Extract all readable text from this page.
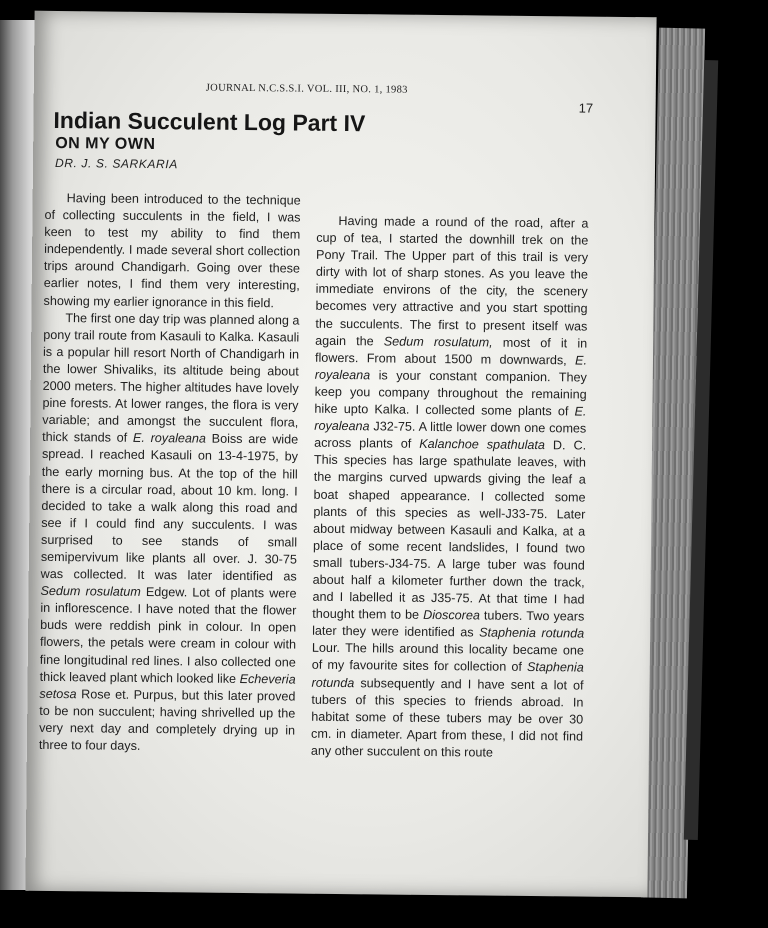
JOURNAL N.C.S.S.I. VOL. III, NO. 1, 1983
17
Indian Succulent Log Part IV
ON MY OWN
DR. J. S. SARKARIA

Having been introduced to the technique of collecting succulents in the field, I was keen to test my ability to find them independently. I made several short collection trips around Chandigarh. Going over these earlier notes, I find them very interesting, showing my earlier ignorance in this field.

The first one day trip was planned along a pony trail route from Kasauli to Kalka. Kasauli is a popular hill resort North of Chandigarh in the lower Shivaliks, its altitude being about 2000 meters. The higher altitudes have lovely pine forests. At lower ranges, the flora is very variable; and amongst the succulent flora, thick stands of E. royaleana Boiss are wide spread. I reached Kasauli on 13-4-1975, by the early morning bus. At the top of the hill there is a circular road, about 10 km. long. I decided to take a walk along this road and see if I could find any succulents. I was surprised to see stands of small semipervivum like plants all over. J. 30-75 was collected. It was later identified as Sedum rosulatum Edgew. Lot of plants were in inflorescence. I have noted that the flower buds were reddish pink in colour. In open flowers, the petals were cream in colour with fine longitudinal red lines. I also collected one thick leaved plant which looked like Echeveria setosa Rose et. Purpus, but this later proved to be non succulent; having shrivelled up the very next day and completely drying up in three to four days.

Having made a round of the road, after a cup of tea, I started the downhill trek on the Pony Trail. The Upper part of this trail is very dirty with lot of sharp stones. As you leave the immediate environs of the city, the scenery becomes very attractive and you start spotting the succulents. The first to present itself was again the Sedum rosulatum, most of it in flowers. From about 1500 m downwards, E. royaleana is your constant companion. They keep you company throughout the remaining hike upto Kalka. I collected some plants of E. royaleana J32-75. A little lower down one comes across plants of Kalanchoe spathulata D. C. This species has large spathulate leaves, with the margins curved upwards giving the leaf a boat shaped appearance. I collected some plants of this species as well-J33-75. Later about midway between Kasauli and Kalka, at a place of some recent landslides, I found two small tubers-J34-75. A large tuber was found about half a kilometer further down the track, and I labelled it as J35-75. At that time I had thought them to be Dioscorea tubers. Two years later they were identified as Staphenia rotunda Lour. The hills around this locality became one of my favourite sites for collection of Staphenia rotunda subsequently and I have sent a lot of tubers of this species to friends abroad. In habitat some of these tubers may be over 30 cm. in diameter. Apart from these, I did not find any other succulent on this route
